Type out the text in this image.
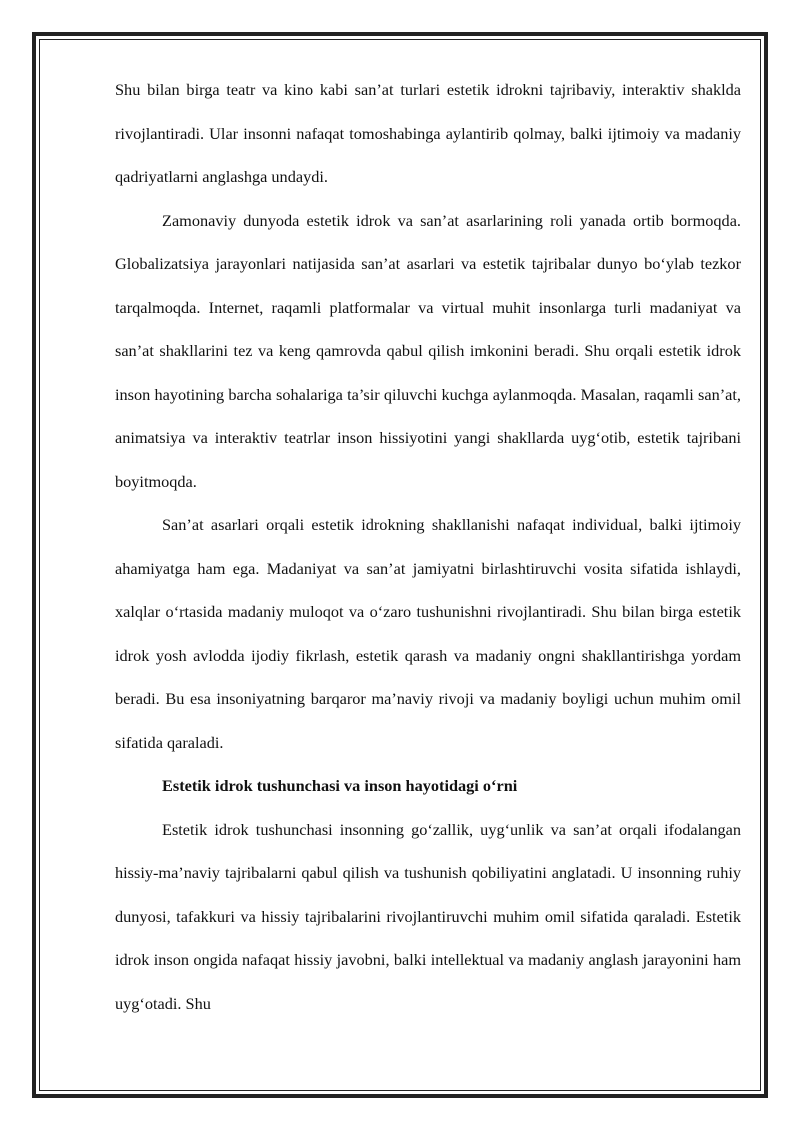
Shu bilan birga teatr va kino kabi san’at turlari estetik idrokni tajribaviy, interaktiv shaklda rivojlantiradi. Ular insonni nafaqat tomoshabinga aylantirib qolmay, balki ijtimoiy va madaniy qadriyatlarni anglashga undaydi.

Zamonaviy dunyoda estetik idrok va san’at asarlarining roli yanada ortib bormoqda. Globalizatsiya jarayonlari natijasida san’at asarlari va estetik tajribalar dunyo bo‘ylab tezkor tarqalmoqda. Internet, raqamli platformalar va virtual muhit insonlarga turli madaniyat va san’at shakllarini tez va keng qamrovda qabul qilish imkonini beradi. Shu orqali estetik idrok inson hayotining barcha sohalariga ta’sir qiluvchi kuchga aylanmoqda. Masalan, raqamli san’at, animatsiya va interaktiv teatrlar inson hissiyotini yangi shakllarda uyg‘otib, estetik tajribani boyitmoqda.

San’at asarlari orqali estetik idrokning shakllanishi nafaqat individual, balki ijtimoiy ahamiyatga ham ega. Madaniyat va san’at jamiyatni birlashtiruvchi vosita sifatida ishlaydi, xalqlar o‘rtasida madaniy muloqot va o‘zaro tushunishni rivojlantiradi. Shu bilan birga estetik idrok yosh avlodda ijodiy fikrlash, estetik qarash va madaniy ongni shakllantirishga yordam beradi. Bu esa insoniyatning barqaror ma’naviy rivoji va madaniy boyligi uchun muhim omil sifatida qaraladi.

Estetik idrok tushunchasi va inson hayotidagi o‘rni

Estetik idrok tushunchasi insonning go‘zallik, uyg‘unlik va san’at orqali ifodalangan hissiy-ma’naviy tajribalarni qabul qilish va tushunish qobiliyatini anglatadi. U insonning ruhiy dunyosi, tafakkuri va hissiy tajribalarini rivojlantiruvchi muhim omil sifatida qaraladi. Estetik idrok inson ongida nafaqat hissiy javobni, balki intellektual va madaniy anglash jarayonini ham uyg‘otadi. Shu
